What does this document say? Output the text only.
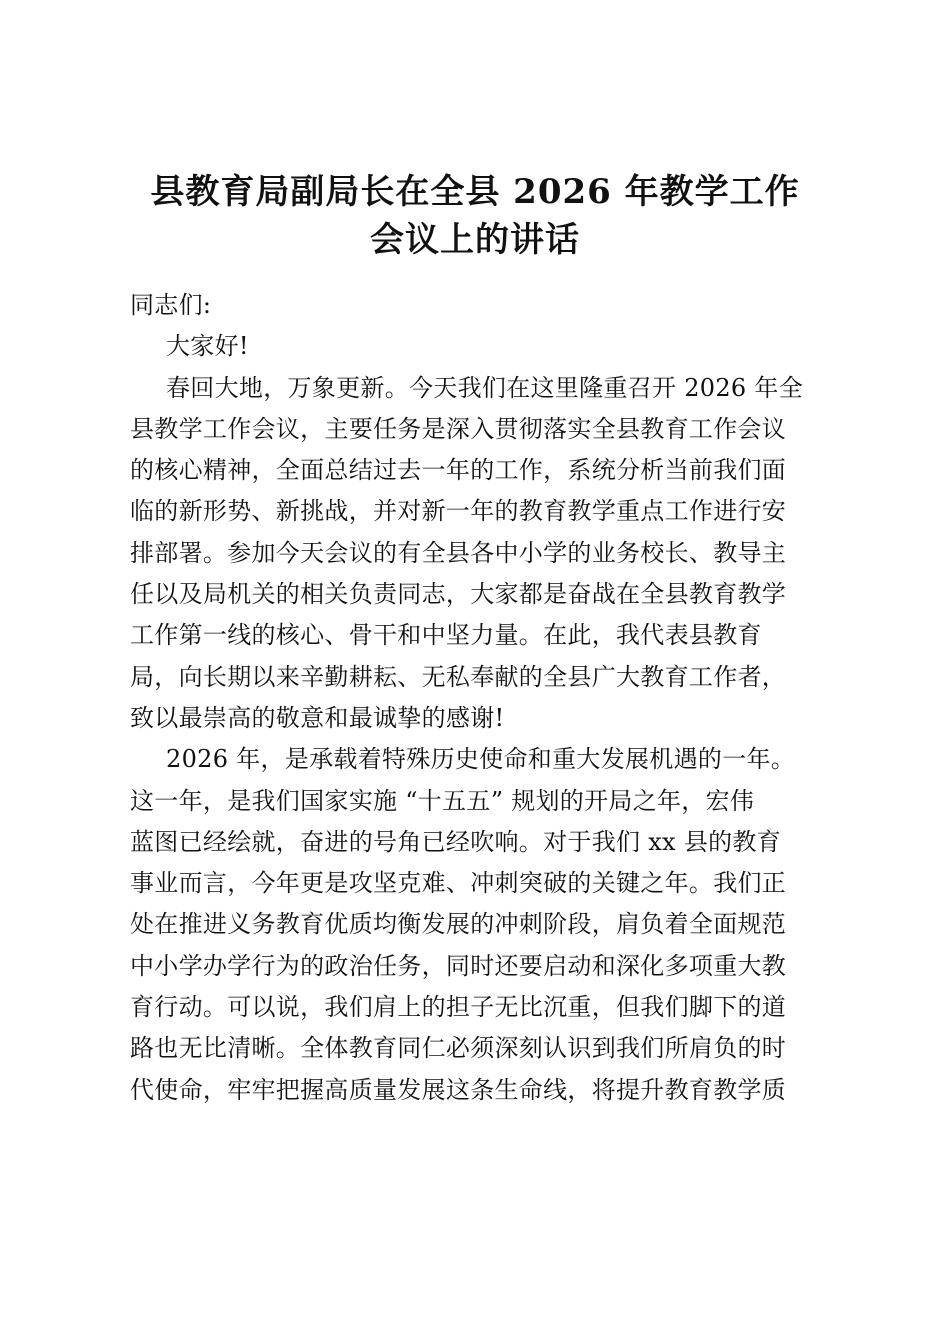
县教育局副局长在全县 2026 年教学工作
会议上的讲话
同志们:
大家好!
春回大地，万象更新。今天我们在这里隆重召开 2026 年全
县教学工作会议，主要任务是深入贯彻落实全县教育工作会议
的核心精神，全面总结过去一年的工作，系统分析当前我们面
临的新形势、新挑战，并对新一年的教育教学重点工作进行安
排部署。参加今天会议的有全县各中小学的业务校长、教导主
任以及局机关的相关负责同志，大家都是奋战在全县教育教学
工作第一线的核心、骨干和中坚力量。在此，我代表县教育
局，向长期以来辛勤耕耘、无私奉献的全县广大教育工作者，
致以最崇高的敬意和最诚挚的感谢!
2026 年，是承载着特殊历史使命和重大发展机遇的一年。
这一年，是我们国家实施 “十五五” 规划的开局之年，宏伟
蓝图已经绘就，奋进的号角已经吹响。对于我们 xx 县的教育
事业而言，今年更是攻坚克难、冲刺突破的关键之年。我们正
处在推进义务教育优质均衡发展的冲刺阶段，肩负着全面规范
中小学办学行为的政治任务，同时还要启动和深化多项重大教
育行动。可以说，我们肩上的担子无比沉重，但我们脚下的道
路也无比清晰。全体教育同仁必须深刻认识到我们所肩负的时
代使命，牢牢把握高质量发展这条生命线，将提升教育教学质
